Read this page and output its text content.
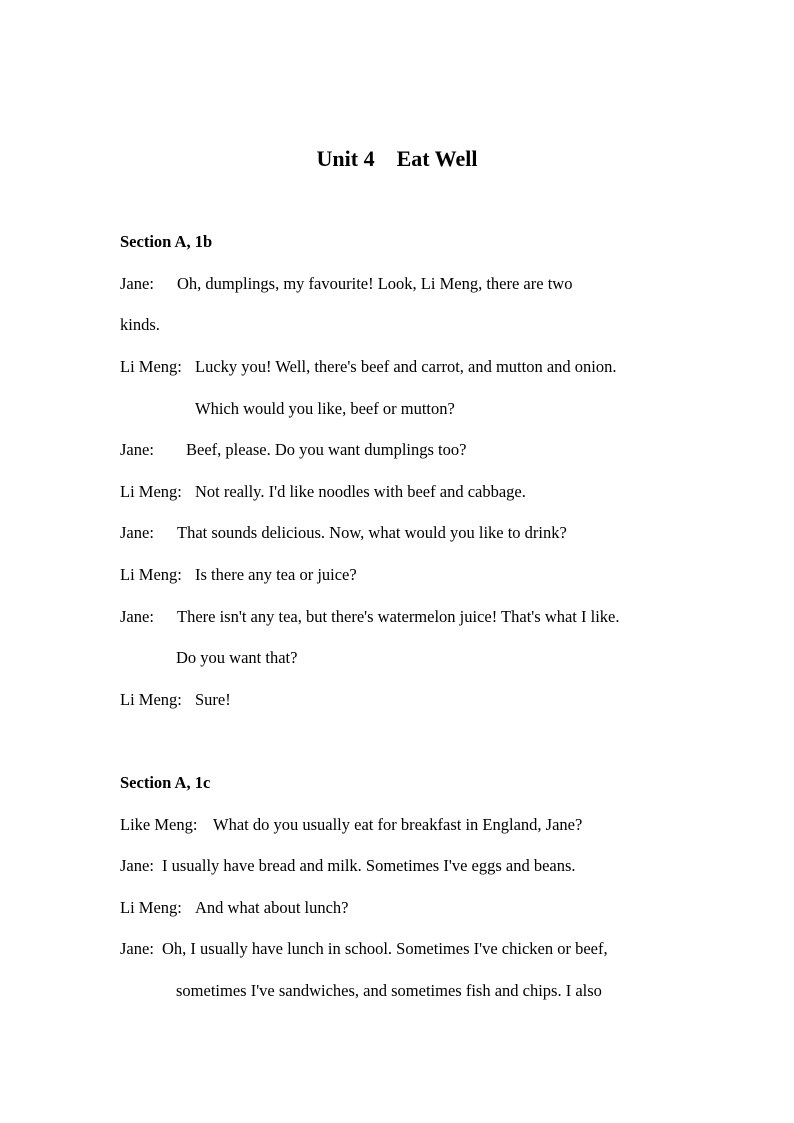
Unit 4    Eat Well
Section A, 1b
Jane: Oh, dumplings, my favourite! Look, Li Meng, there are two
kinds.
Li Meng: Lucky you! Well, there's beef and carrot, and mutton and onion.
Which would you like, beef or mutton?
Jane: Beef, please. Do you want dumplings too?
Li Meng: Not really. I'd like noodles with beef and cabbage.
Jane: That sounds delicious. Now, what would you like to drink?
Li Meng: Is there any tea or juice?
Jane: There isn't any tea, but there's watermelon juice! That's what I like.
Do you want that?
Li Meng: Sure!
Section A, 1c
Like Meng: What do you usually eat for breakfast in England, Jane?
Jane: I usually have bread and milk. Sometimes I've eggs and beans.
Li Meng: And what about lunch?
Jane: Oh, I usually have lunch in school. Sometimes I've chicken or beef,
sometimes I've sandwiches, and sometimes fish and chips. I also
